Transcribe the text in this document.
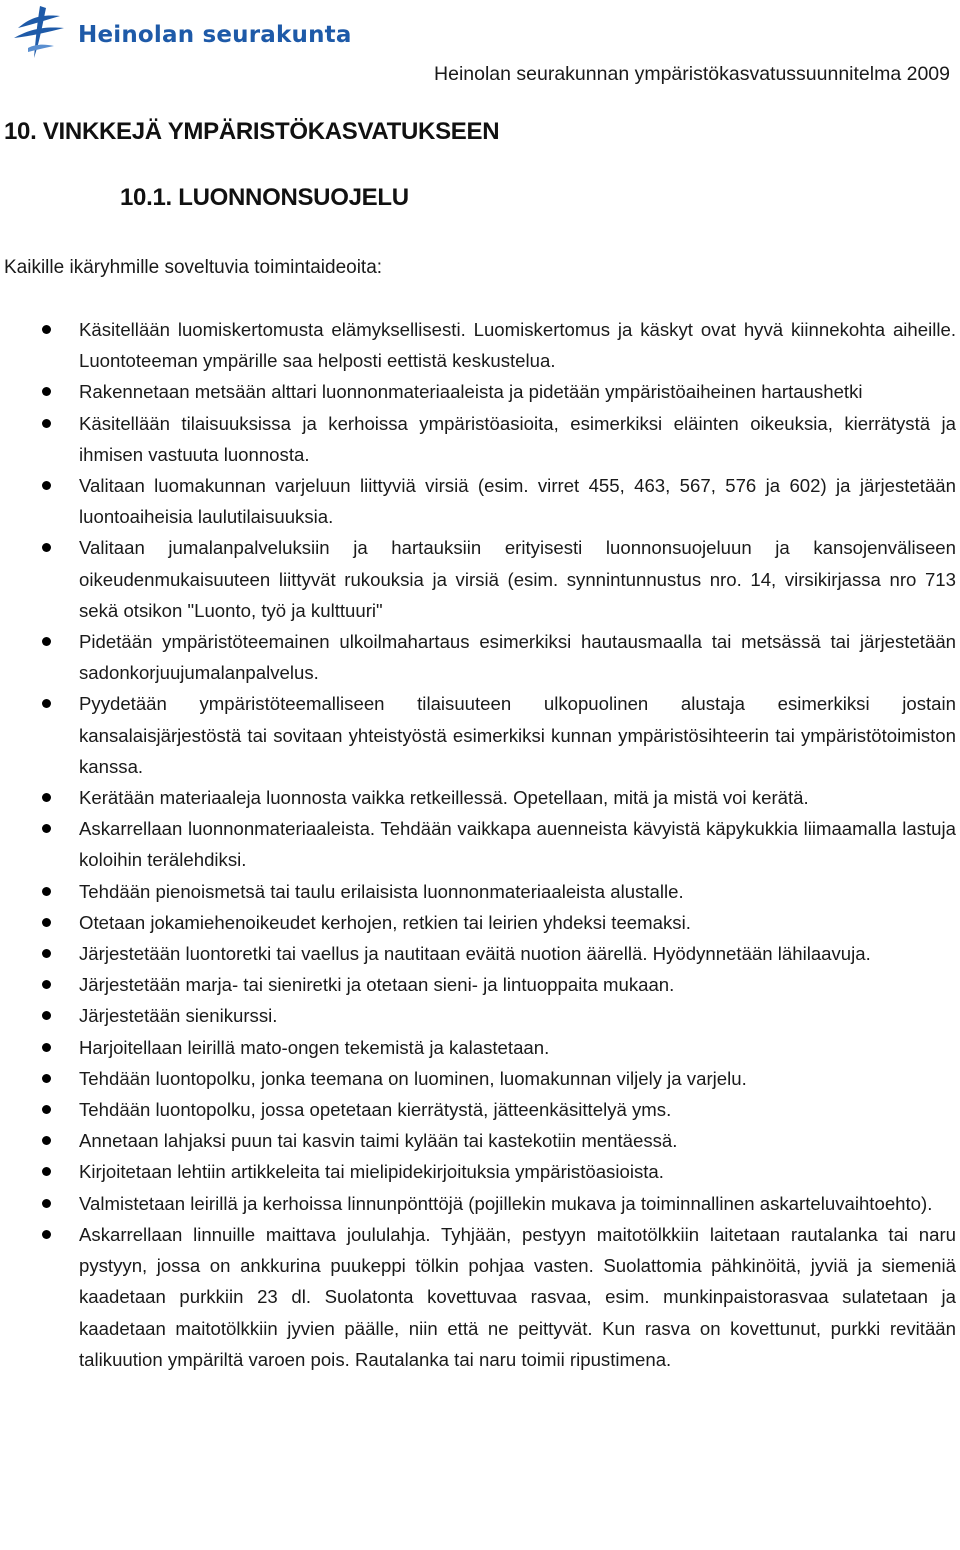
Heinolan seurakunta
Heinolan seurakunnan ympäristökasvatussuunnitelma 2009
10. VINKKEJÄ YMPÄRISTÖKASVATUKSEEN
10.1. LUONNONSUOJELU
Kaikille ikäryhmille soveltuvia toimintaideoita:
Käsitellään luomiskertomusta elämyksellisesti. Luomiskertomus ja käskyt ovat hyvä kiinnekohta aiheille. Luontoteeman ympärille saa helposti eettistä keskustelua.
Rakennetaan metsään alttari luonnonmateriaaleista ja pidetään ympäristöaiheinen hartaushetki
Käsitellään tilaisuuksissa ja kerhoissa ympäristöasioita, esimerkiksi eläinten oikeuksia, kierrätystä ja ihmisen vastuuta luonnosta.
Valitaan luomakunnan varjeluun liittyviä virsiä (esim. virret 455, 463, 567, 576 ja 602) ja järjestetään luontoaiheisia laulutilaisuuksia.
Valitaan jumalanpalveluksiin ja hartauksiin erityisesti luonnonsuojeluun ja kansojenväliseen oikeudenmukaisuuteen liittyvät rukouksia ja virsiä (esim. synnintunnustus nro. 14, virsikirjassa nro 713 sekä otsikon "Luonto, työ ja kulttuuri"
Pidetään ympäristöteemainen ulkoilmahartaus esimerkiksi hautausmaalla tai metsässä tai järjestetään sadonkorjuujumalanpalvelus.
Pyydetään ympäristöteemalliseen tilaisuuteen ulkopuolinen alustaja esimerkiksi jostain kansalaisjärjestöstä tai sovitaan yhteistyöstä esimerkiksi kunnan ympäristösihteerin tai ympäristötoimiston kanssa.
Kerätään materiaaleja luonnosta vaikka retkeillessä. Opetellaan, mitä ja mistä voi kerätä.
Askarrellaan luonnonmateriaaleista. Tehdään vaikkapa auenneista kävyistä käpykukkia liimaamalla lastuja koloihin terälehdiksi.
Tehdään pienoismetsä tai taulu erilaisista luonnonmateriaaleista alustalle.
Otetaan jokamiehenoikeudet kerhojen, retkien tai leirien yhdeksi teemaksi.
Järjestetään luontoretki tai vaellus ja nautitaan eväitä nuotion äärellä. Hyödynnetään lähilaavuja.
Järjestetään marja- tai sieniretki ja otetaan sieni- ja lintuoppaita mukaan.
Järjestetään sienikurssi.
Harjoitellaan leirillä mato-ongen tekemistä ja kalastetaan.
Tehdään luontopolku, jonka teemana on luominen, luomakunnan viljely ja varjelu.
Tehdään luontopolku, jossa opetetaan kierrätystä, jätteenkäsittelyä yms.
Annetaan lahjaksi puun tai kasvin taimi kylään tai kastekotiin mentäessä.
Kirjoitetaan lehtiin artikkeleita tai mielipidekirjoituksia ympäristöasioista.
Valmistetaan leirillä ja kerhoissa linnunpönttöjä (pojillekin mukava ja toiminnallinen askarteluvaihtoehto).
Askarrellaan linnuille maittava joululahja. Tyhjään, pestyyn maitotölkkiin laitetaan rautalanka tai naru pystyyn, jossa on ankkurina puukeppi tölkin pohjaa vasten. Suolattomia pähkinöitä, jyviä ja siemeniä kaadetaan purkkiin 23 dl. Suolatonta kovettuvaa rasvaa, esim. munkinpaistorasvaa sulatetaan ja kaadetaan maitotölkkiin jyvien päälle, niin että ne peittyvät. Kun rasva on kovettunut, purkki revitään talikuution ympäriltä varoen pois. Rautalanka tai naru toimii ripustimena.
